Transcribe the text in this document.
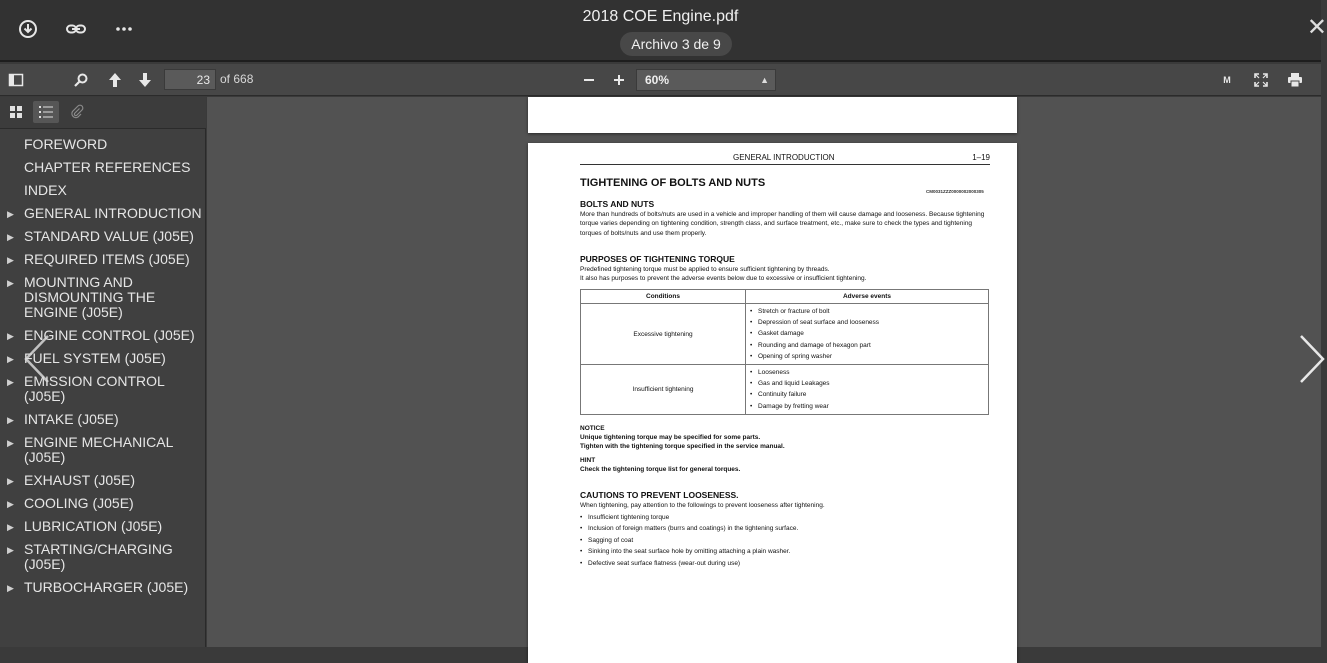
2018 COE Engine.pdf
Archivo 3 de 9
✕
23
of 668	60%	▲	M
FOREWORD
CHAPTER REFERENCES
INDEX
▶ GENERAL INTRODUCTION
▶ STANDARD VALUE (J05E)
▶ REQUIRED ITEMS (J05E)
▶ MOUNTING AND DISMOUNTING THE ENGINE (J05E)
▶ ENGINE CONTROL (J05E)
▶ FUEL SYSTEM (J05E)
▶ EMISSION CONTROL (J05E)
▶ INTAKE (J05E)
▶ ENGINE MECHANICAL (J05E)
▶ EXHAUST (J05E)
▶ COOLING (J05E)
▶ LUBRICATION (J05E)
▶ STARTING/CHARGING (J05E)
▶ TURBOCHARGER (J05E)
GENERAL INTRODUCTION	1–19
TIGHTENING OF BOLTS AND NUTS
CM0031ZZZ0000002000305
BOLTS AND NUTS
More than hundreds of bolts/nuts are used in a vehicle and improper handling of them will cause damage and looseness. Because tightening torque varies depending on tightening condition, strength class, and surface treatment, etc., make sure to check the types and tightening torques of bolts/nuts and use them properly.
PURPOSES OF TIGHTENING TORQUE
Predefined tightening torque must be applied to ensure sufficient tightening by threads.
It also has purposes to prevent the adverse events below due to excessive or insufficient tightening.
Conditions	Adverse events
Excessive tightening	• Stretch or fracture of bolt
• Depression of seat surface and looseness
• Gasket damage
• Rounding and damage of hexagon part
• Opening of spring washer

Insufficient tightening	• Looseness
• Gas and liquid Leakages
• Continuity failure
• Damage by fretting wear
NOTICE
Unique tightening torque may be specified for some parts.
Tighten with the tightening torque specified in the service manual.
HINT
Check the tightening torque list for general torques.
CAUTIONS TO PREVENT LOOSENESS.
When tightening, pay attention to the followings to prevent looseness after tightening.
• Insufficient tightening torque
• Inclusion of foreign matters (burrs and coatings) in the tightening surface.
• Sagging of coat
• Sinking into the seat surface hole by omitting attaching a plain washer.
• Defective seat surface flatness (wear-out during use)
